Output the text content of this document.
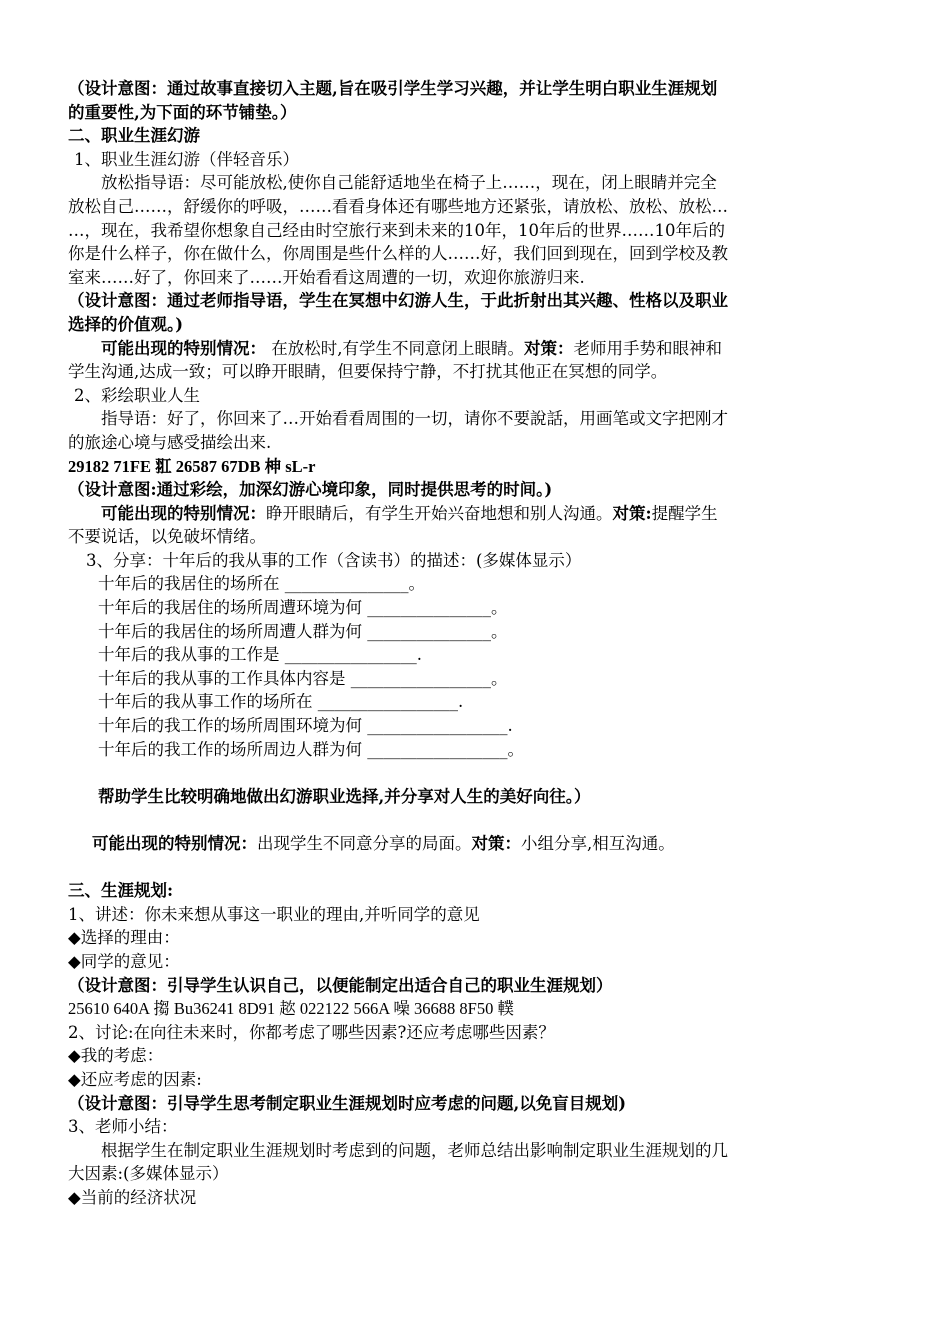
（设计意图：通过故事直接切入主题,旨在吸引学生学习兴趣，并让学生明白职业生涯规划

的重要性,为下面的环节铺垫。）

二、职业生涯幻游

1、职业生涯幻游（伴轻音乐）

放松指导语：尽可能放松,使你自己能舒适地坐在椅子上……，现在，闭上眼睛并完全

放松自己……，舒缓你的呼吸，……看看身体还有哪些地方还紧张，请放松、放松、放松…

…，现在，我希望你想象自己经由时空旅行来到未来的10年，10年后的世界……10年后的

你是什么样子，你在做什么，你周围是些什么样的人……好，我们回到现在，回到学校及教

室来……好了，你回来了……开始看看这周遭的一切，欢迎你旅游归来.

（设计意图：通过老师指导语，学生在冥想中幻游人生，于此折射出其兴趣、性格以及职业

选择的价值观。)

可能出现的特别情况： 在放松时,有学生不同意闭上眼睛。对策：老师用手势和眼神和

学生沟通,达成一致；可以睁开眼睛，但要保持宁静，不打扰其他正在冥想的同学。

2、彩绘职业人生

指导语：好了，你回来了…开始看看周围的一切，请你不要說話，用画笔或文字把刚才

的旅途心境与感受描绘出来.

29182 71FE 羾 26587 67DB 柛 sL-r

（设计意图:通过彩绘，加深幻游心境印象，同时提供思考的时间。)

可能出现的特别情况：睁开眼睛后，有学生开始兴奋地想和别人沟通。对策:提醒学生

不要说话，以免破坏情绪。

3、分享：十年后的我从事的工作（含读书）的描述：(多媒体显示）

十年后的我居住的场所在 _______________。

十年后的我居住的场所周遭环境为何 _______________。

十年后的我居住的场所周遭人群为何 _______________。

十年后的我从事的工作是 ________________.

十年后的我从事的工作具体内容是 _________________。

十年后的我从事工作的场所在 _________________.

十年后的我工作的场所周围环境为何 _________________.

十年后的我工作的场所周边人群为何 _________________。

帮助学生比较明确地做出幻游职业选择,并分享对人生的美好向往。）

可能出现的特别情况：出现学生不同意分享的局面。对策：小组分享,相互沟通。

三、生涯规划:

1、讲述：你未来想从事这一职业的理由,并听同学的意见

◆选择的理由：

◆同学的意见：

（设计意图：引导学生认识自己，以便能制定出适合自己的职业生涯规划）

25610 640A 搊 Bu36241 8D91 趑 022122 566A 噪 36688 8F50 轐

2、讨论:在向往未来时，你都考虑了哪些因素?还应考虑哪些因素？

◆我的考虑：

◆还应考虑的因素:

（设计意图：引导学生思考制定职业生涯规划时应考虑的问题,以免盲目规划)

3、老师小结：

根据学生在制定职业生涯规划时考虑到的问题，老师总结出影响制定职业生涯规划的几

大因素:(多媒体显示）

◆当前的经济状况
